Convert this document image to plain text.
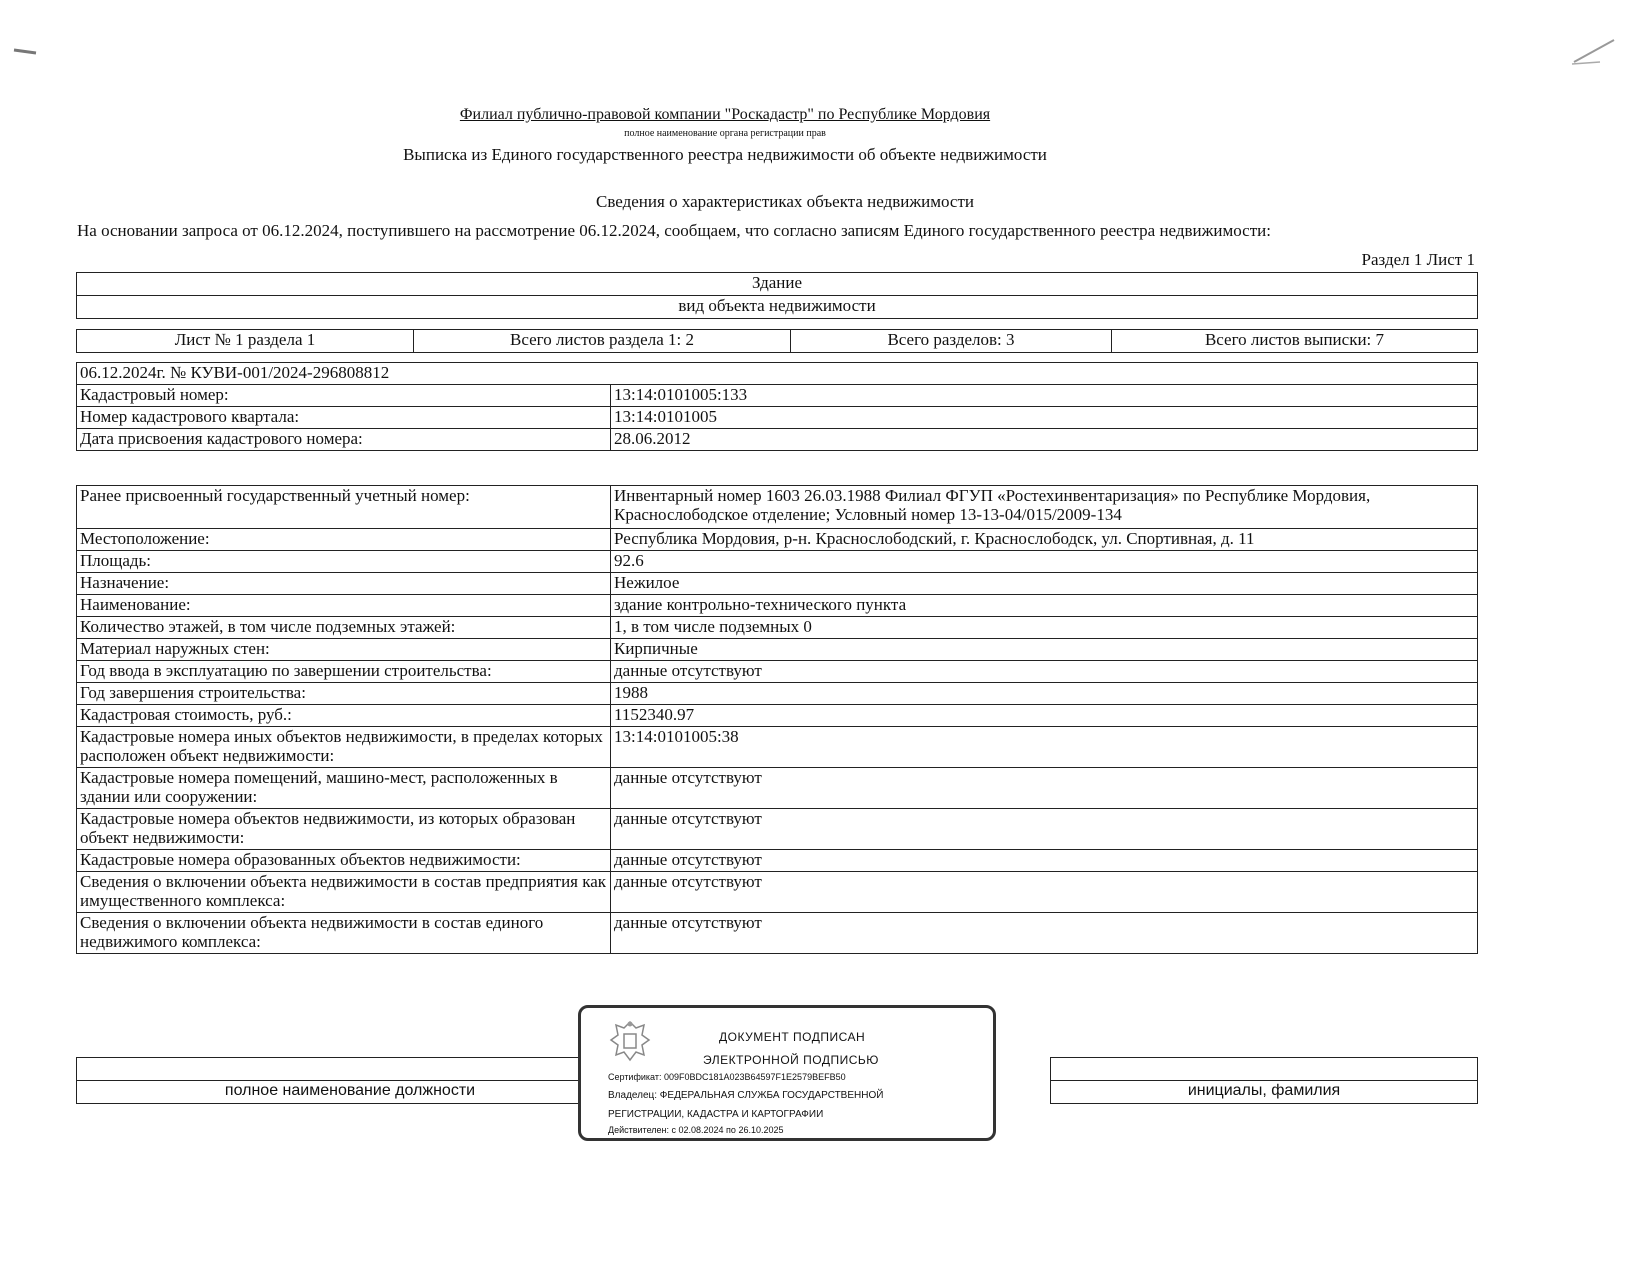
Филиал публично-правовой компании "Роскадастр" по Республике Мордовия
полное наименование органа регистрации прав
Выписка из Единого государственного реестра недвижимости об объекте недвижимости
Сведения о характеристиках объекта недвижимости
На основании запроса от 06.12.2024, поступившего на рассмотрение 06.12.2024, сообщаем, что согласно записям Единого государственного реестра недвижимости:
Раздел 1 Лист 1
Здание
вид объекта недвижимости
Лист № 1 раздела 1	Всего листов раздела 1: 2	Всего разделов: 3	Всего листов выписки: 7
06.12.2024г. № КУВИ-001/2024-296808812	
Кадастровый номер:	13:14:0101005:133
Номер кадастрового квартала:	13:14:0101005
Дата присвоения кадастрового номера:	28.06.2012
Ранее присвоенный государственный учетный номер:	Инвентарный номер 1603 26.03.1988 Филиал ФГУП «Ростехинвентаризация» по Республике Мордовия, Краснослободское отделение; Условный номер 13-13-04/015/2009-134
Местоположение:	Республика Мордовия, р-н. Краснослободский, г. Краснослободск, ул. Спортивная, д. 11
Площадь:	92.6
Назначение:	Нежилое
Наименование:	здание контрольно-технического пункта
Количество этажей, в том числе подземных этажей:	1, в том числе подземных 0
Материал наружных стен:	Кирпичные
Год ввода в эксплуатацию по завершении строительства:	данные отсутствуют
Год завершения строительства:	1988
Кадастровая стоимость, руб.:	1152340.97
Кадастровые номера иных объектов недвижимости, в пределах которых расположен объект недвижимости:	13:14:0101005:38
Кадастровые номера помещений, машино-мест, расположенных в здании или сооружении:	данные отсутствуют
Кадастровые номера объектов недвижимости, из которых образован объект недвижимости:	данные отсутствуют
Кадастровые номера образованных объектов недвижимости:	данные отсутствуют
Сведения о включении объекта недвижимости в состав предприятия как имущественного комплекса:	данные отсутствуют
Сведения о включении объекта недвижимости в состав единого недвижимого комплекса:	данные отсутствуют

полное наименование должности		инициалы, фамилия
ДОКУМЕНТ ПОДПИСАН
ЭЛЕКТРОННОЙ ПОДПИСЬЮ
Сертификат: 009F0BDC181A023B64597F1E2579BEFB50
Владелец: ФЕДЕРАЛЬНАЯ СЛУЖБА ГОСУДАРСТВЕННОЙ
РЕГИСТРАЦИИ, КАДАСТРА И КАРТОГРАФИИ
Действителен: с 02.08.2024 по 26.10.2025
